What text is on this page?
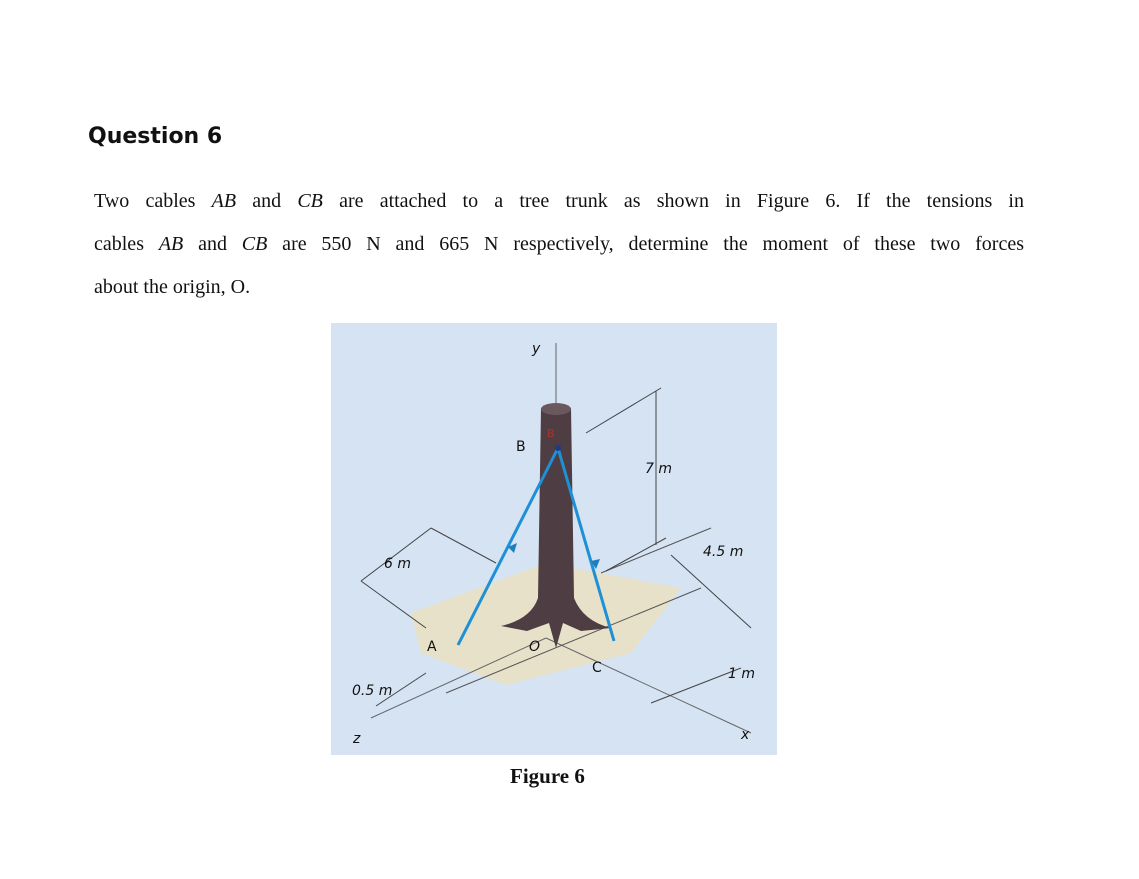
Question 6

Two cables AB and CB are attached to a tree trunk as shown in Figure 6. If the tensions in
cables AB and CB are 550 N and 665 N respectively, determine the moment of these two forces
about the origin, O.

y
B
B
7 m
4.5 m
6 m
A	O
C
0.5 m
1 m
z	x
Figure 6
